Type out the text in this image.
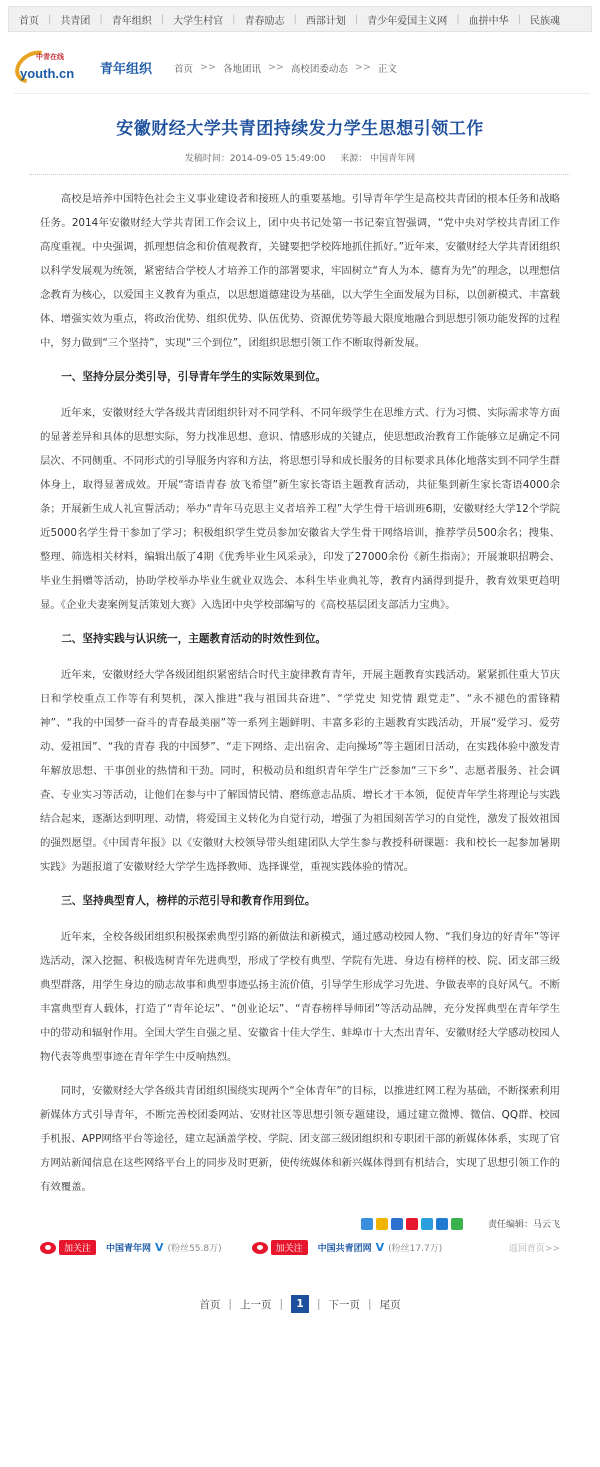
首页 | 共青团 | 青年组织 | 大学生村官 | 青春励志 | 西部计划 | 青少年爱国主义网 | 血拼中华 | 民族魂
中青在线
youth.cn 青年组织 首页 >> 各地团讯 >> 高校团委动态 >> 正文
安徽财经大学共青团持续发力学生思想引领工作
发稿时间：2014-09-05 15:49:00 来源： 中国青年网

高校是培养中国特色社会主义事业建设者和接班人的重要基地。引导青年学生是高校共青团的根本任务和战略任务。2014年安徽财经大学共青团工作会议上，团中央书记处第一书记秦宜智强调，“党中央对学校共青团工作高度重视。中央强调，抓理想信念和价值观教育，关键要把学校阵地抓住抓好。”近年来，安徽财经大学共青团组织以科学发展观为统领，紧密结合学校人才培养工作的部署要求，牢固树立“育人为本、德育为先”的理念，以理想信念教育为核心，以爱国主义教育为重点，以思想道德建设为基础，以大学生全面发展为目标，以创新模式、丰富载体、增强实效为重点，将政治优势、组织优势、队伍优势、资源优势等最大限度地融合到思想引领功能发挥的过程中，努力做到“三个坚持”，实现“三个到位”，团组织思想引领工作不断取得新发展。

一、坚持分层分类引导，引导青年学生的实际效果到位。

近年来，安徽财经大学各级共青团组织针对不同学科、不同年级学生在思维方式、行为习惯、实际需求等方面的显著差异和具体的思想实际，努力找准思想、意识、情感形成的关键点，使思想政治教育工作能够立足确定不同层次、不同侧重、不同形式的引导服务内容和方法，将思想引导和成长服务的目标要求具体化地落实到不同学生群体身上，取得显著成效。开展“寄语青春 放飞希望”新生家长寄语主题教育活动，共征集到新生家长寄语4000余条；开展新生成人礼宣誓活动；举办“青年马克思主义者培养工程”大学生骨干培训班6期，安徽财经大学12个学院近5000名学生骨干参加了学习；积极组织学生党员参加安徽省大学生骨干网络培训，推荐学员500余名；搜集、整理、筛选相关材料，编辑出版了4期《优秀毕业生风采录》，印发了27000余份《新生指南》；开展兼职招聘会、毕业生捐赠等活动，协助学校举办毕业生就业双选会、本科生毕业典礼等，教育内涵得到提升，教育效果更趋明显。《企业夫妻案例复活策划大赛》入选团中央学校部编写的《高校基层团支部活力宝典》。

二、坚持实践与认识统一，主题教育活动的时效性到位。

近年来，安徽财经大学各级团组织紧密结合时代主旋律教育青年，开展主题教育实践活动。紧紧抓住重大节庆日和学校重点工作等有利契机，深入推进“我与祖国共奋进”、“学党史 知党情 跟党走”、“永不褪色的雷锋精神”、“我的中国梦一奋斗的青春最美丽”等一系列主题鲜明、丰富多彩的主题教育实践活动，开展“爱学习、爱劳动、爱祖国”、“我的青春 我的中国梦”、“走下网络、走出宿舍、走向操场”等主题团日活动，在实践体验中激发青年解放思想、干事创业的热情和干劲。同时，积极动员和组织青年学生广泛参加“三下乡”、志愿者服务、社会调查、专业实习等活动，让他们在参与中了解国情民情、磨练意志品质、增长才干本领，促使青年学生将理论与实践结合起来，逐渐达到明理、动情，将爱国主义转化为自觉行动，增强了为祖国刻苦学习的自觉性，激发了报效祖国的强烈愿望。《中国青年报》以《安徽财大校领导带头组建团队大学生参与教授科研课题：我和校长一起参加暑期实践》为题报道了安徽财经大学学生选择教师、选择课堂，重视实践体验的情况。

三、坚持典型育人，榜样的示范引导和教育作用到位。

近年来，全校各级团组织积极探索典型引路的新做法和新模式，通过感动校园人物、“我们身边的好青年”等评选活动，深入挖掘、积极选树青年先进典型，形成了学校有典型、学院有先进、身边有榜样的校、院、团支部三级典型群落，用学生身边的励志故事和典型事迹弘扬主流价值，引导学生形成学习先进、争做表率的良好风气。不断丰富典型育人载体，打造了“青年论坛”、“创业论坛”、“青春榜样导师团”等活动品牌，充分发挥典型在青年学生中的带动和辐射作用。全国大学生自强之星、安徽省十佳大学生、蚌埠市十大杰出青年、安徽财经大学感动校园人物代表等典型事迹在青年学生中反响热烈。

同时，安徽财经大学各级共青团组织围绕实现两个“全体青年”的目标，以推进红网工程为基础，不断探索利用新媒体方式引导青年，不断完善校团委网站、安财社区等思想引领专题建设，通过建立微博、微信、QQ群、校园手机报、APP网络平台等途径，建立起涵盖学校、学院、团支部三级团组织和专职团干部的新媒体体系，实现了官方网站新闻信息在这些网络平台上的同步及时更新，使传统媒体和新兴媒体得到有机结合，实现了思想引领工作的有效覆盖。

责任编辑：马云飞
加关注	中国青年网 V (粉丝55.8万)	加关注	中国共青团网 V (粉丝17.7万)	返回首页>>
首页 | 上一页 |	1	| 下一页 | 尾页
